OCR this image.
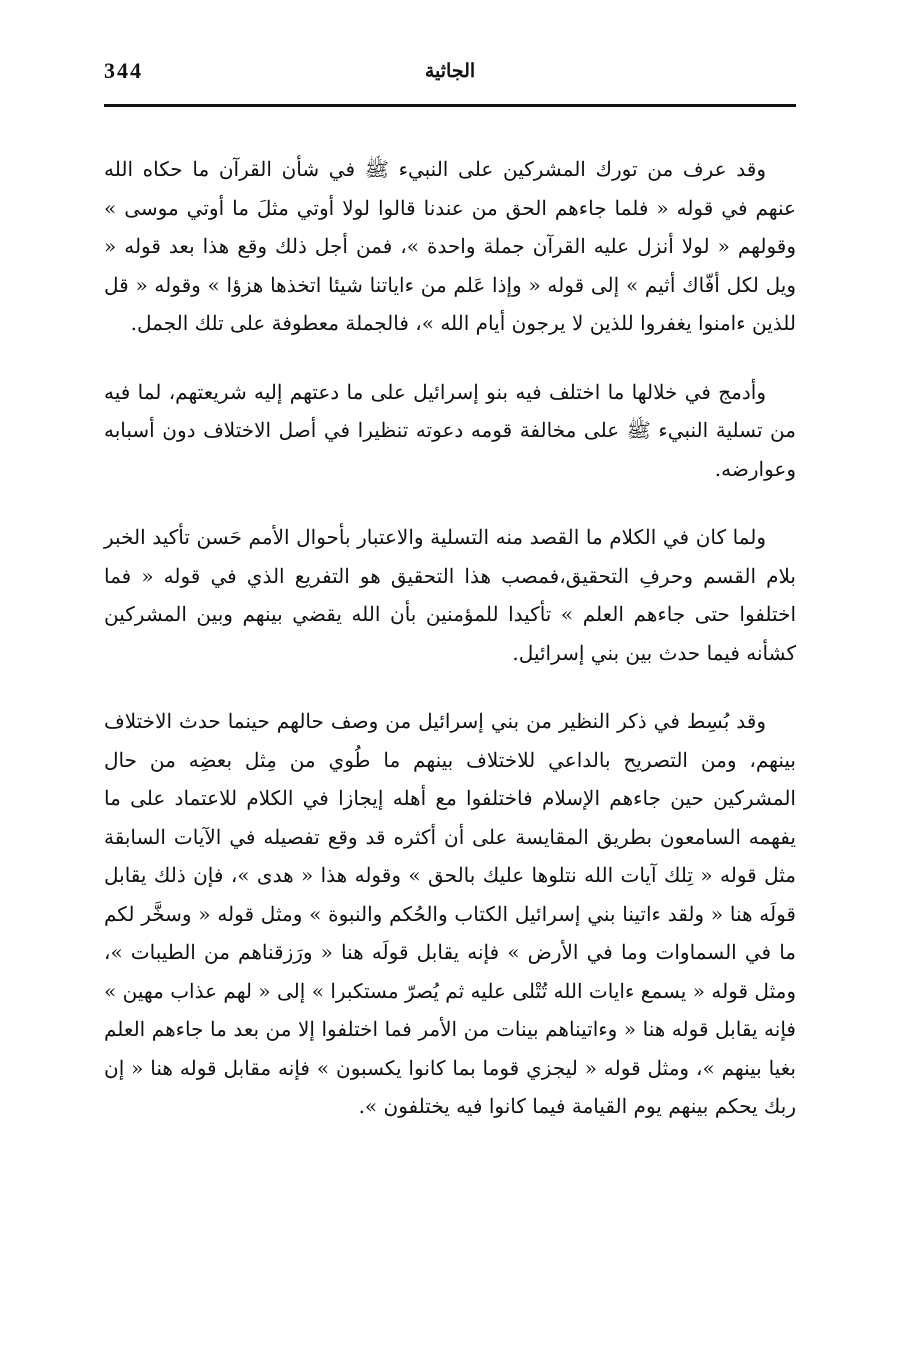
344	الجاثية

وقد عرف من تورك المشركين على النبيء ﷺ في شأن القرآن ما حكاه الله عنهم في قوله « فلما جاءهم الحق من عندنا قالوا لولا أوتي مثلَ ما أوتي موسى » وقولهم « لولا أنزل عليه القرآن جملة واحدة »، فمن أجل ذلك وقع هذا بعد قوله « ويل لكل أفّاك أثيم » إلى قوله « وإذا عَلم من ءاياتنا شيئا اتخذها هزؤا » وقوله « قل للذين ءامنوا يغفروا للذين لا يرجون أيام الله »، فالجملة معطوفة على تلك الجمل.

وأدمج في خلالها ما اختلف فيه بنو إسرائيل على ما دعتهم إليه شريعتهم، لما فيه من تسلية النبيء ﷺ على مخالفة قومه دعوته تنظيرا في أصل الاختلاف دون أسبابه وعوارضه.

ولما كان في الكلام ما القصد منه التسلية والاعتبار بأحوال الأمم حَسن تأكيد الخبر بلام القسم وحرفِ التحقيق،فمصب هذا التحقيق هو التفريع الذي في قوله « فما اختلفوا حتى جاءهم العلم » تأكيدا للمؤمنين بأن الله يقضي بينهم وبين المشركين كشأنه فيما حدث بين بني إسرائيل.

وقد بُسِط في ذكر النظير من بني إسرائيل من وصف حالهم حينما حدث الاختلاف بينهم، ومن التصريح بالداعي للاختلاف بينهم ما طُوي من مِثل بعضِه من حال المشركين حين جاءهم الإسلام فاختلفوا مع أهله إيجازا في الكلام للاعتماد على ما يفهمه السامعون بطريق المقايسة على أن أكثره قد وقع تفصيله في الآيات السابقة مثل قوله « تِلك آيات الله نتلوها عليك بالحق » وقوله هذا « هدى »، فإن ذلك يقابل قولَه هنا « ولقد ءاتينا بني إسرائيل الكتاب والحُكم والنبوة » ومثل قوله « وسخَّر لكم ما في السماوات وما في الأرض » فإنه يقابل قولَه هنا « ورَزقناهم من الطيبات »، ومثل قوله « يسمع ءايات الله تُتْلى عليه ثم يُصرّ مستكبرا » إلى « لهم عذاب مهين » فإنه يقابل قوله هنا « وءاتيناهم بينات من الأمر فما اختلفوا إلا من بعد ما جاءهم العلم بغيا بينهم »، ومثل قوله « ليجزي قوما بما كانوا يكسبون » فإنه مقابل قوله هنا « إن ربك يحكم بينهم يوم القيامة فيما كانوا فيه يختلفون ».
